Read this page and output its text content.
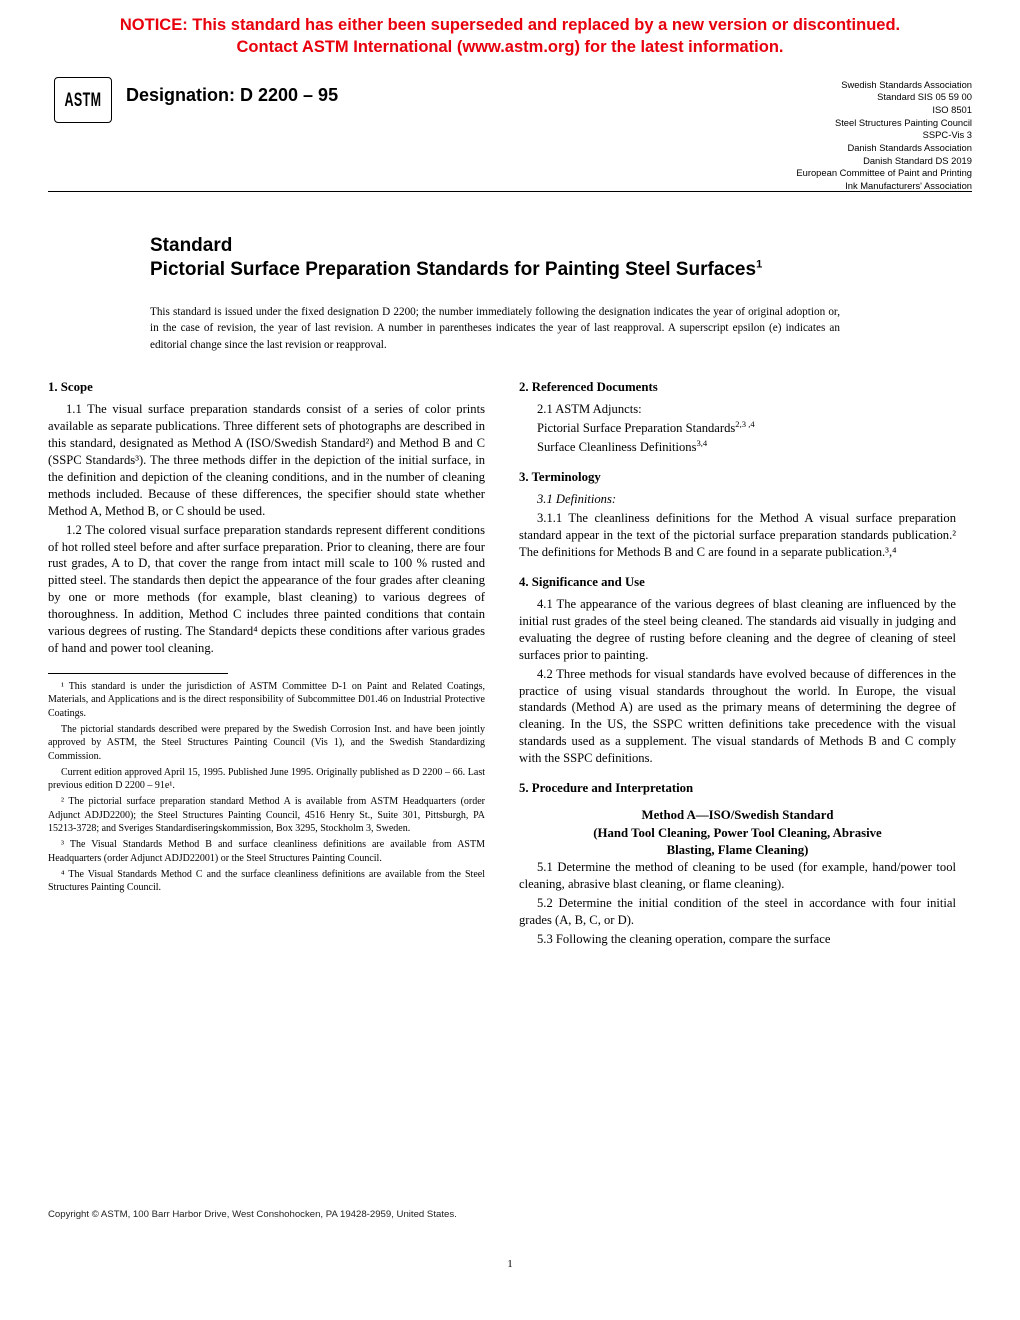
NOTICE: This standard has either been superseded and replaced by a new version or discontinued.
Contact ASTM International (www.astm.org) for the latest information.
ASTM	Designation: D 2200 – 95
Swedish Standards Association
Standard SIS 05 59 00
ISO 8501
Steel Structures Painting Council
SSPC-Vis 3
Danish Standards Association
Danish Standard DS 2019
European Committee of Paint and Printing
Ink Manufacturers' Association
Standard
Pictorial Surface Preparation Standards for Painting Steel Surfaces$^1$
This standard is issued under the fixed designation D 2200; the number immediately following the designation indicates the year of original adoption or, in the case of revision, the year of last revision. A number in parentheses indicates the year of last reapproval. A superscript epsilon (e) indicates an editorial change since the last revision or reapproval.
1. Scope

1.1 The visual surface preparation standards consist of a series of color prints available as separate publications. Three different sets of photographs are described in this standard, designated as Method A (ISO/Swedish Standard²) and Method B and C (SSPC Standards³). The three methods differ in the depiction of the initial surface, in the definition and depiction of the cleaning conditions, and in the number of cleaning methods included. Because of these differences, the specifier should state whether Method A, Method B, or C should be used.

1.2 The colored visual surface preparation standards represent different conditions of hot rolled steel before and after surface preparation. Prior to cleaning, there are four rust grades, A to D, that cover the range from intact mill scale to 100 % rusted and pitted steel. The standards then depict the appearance of the four grades after cleaning by one or more methods (for example, blast cleaning) to various degrees of thoroughness. In addition, Method C includes three painted conditions that contain various degrees of rusting. The Standard⁴ depicts these conditions after various grades of hand and power tool cleaning.

¹ This standard is under the jurisdiction of ASTM Committee D-1 on Paint and Related Coatings, Materials, and Applications and is the direct responsibility of Subcommittee D01.46 on Industrial Protective Coatings.

The pictorial standards described were prepared by the Swedish Corrosion Inst. and have been jointly approved by ASTM, the Steel Structures Painting Council (Vis 1), and the Swedish Standardizing Commission.

Current edition approved April 15, 1995. Published June 1995. Originally published as D 2200 – 66. Last previous edition D 2200 – 91e¹.

² The pictorial surface preparation standard Method A is available from ASTM Headquarters (order Adjunct ADJD2200); the Steel Structures Painting Council, 4516 Henry St., Suite 301, Pittsburgh, PA 15213-3728; and Sveriges Standardiseringskommission, Box 3295, Stockholm 3, Sweden.

³ The Visual Standards Method B and surface cleanliness definitions are available from ASTM Headquarters (order Adjunct ADJD22001) or the Steel Structures Painting Council.

⁴ The Visual Standards Method C and the surface cleanliness definitions are available from the Steel Structures Painting Council.

2. Referenced Documents

2.1 ASTM Adjuncts:

Pictorial Surface Preparation Standards$^{2,3 ,4}$

Surface Cleanliness Definitions$^{3,4}$

3. Terminology

3.1 Definitions:

3.1.1 The cleanliness definitions for the Method A visual surface preparation standard appear in the text of the pictorial surface preparation standards publication.² The definitions for Methods B and C are found in a separate publication.³,⁴

4. Significance and Use

4.1 The appearance of the various degrees of blast cleaning are influenced by the initial rust grades of the steel being cleaned. The standards aid visually in judging and evaluating the degree of rusting before cleaning and the degree of cleaning of steel surfaces prior to painting.

4.2 Three methods for visual standards have evolved because of differences in the practice of using visual standards throughout the world. In Europe, the visual standards (Method A) are used as the primary means of determining the degree of cleaning. In the US, the SSPC written definitions take precedence with the visual standards used as a supplement. The visual standards of Methods B and C comply with the SSPC definitions.

5. Procedure and Interpretation
Method A—ISO/Swedish Standard
(Hand Tool Cleaning, Power Tool Cleaning, Abrasive
Blasting, Flame Cleaning)

5.1 Determine the method of cleaning to be used (for example, hand/power tool cleaning, abrasive blast cleaning, or flame cleaning).

5.2 Determine the initial condition of the steel in accordance with four initial grades (A, B, C, or D).

5.3 Following the cleaning operation, compare the surface

Copyright © ASTM, 100 Barr Harbor Drive, West Conshohocken, PA 19428-2959, United States.
1
